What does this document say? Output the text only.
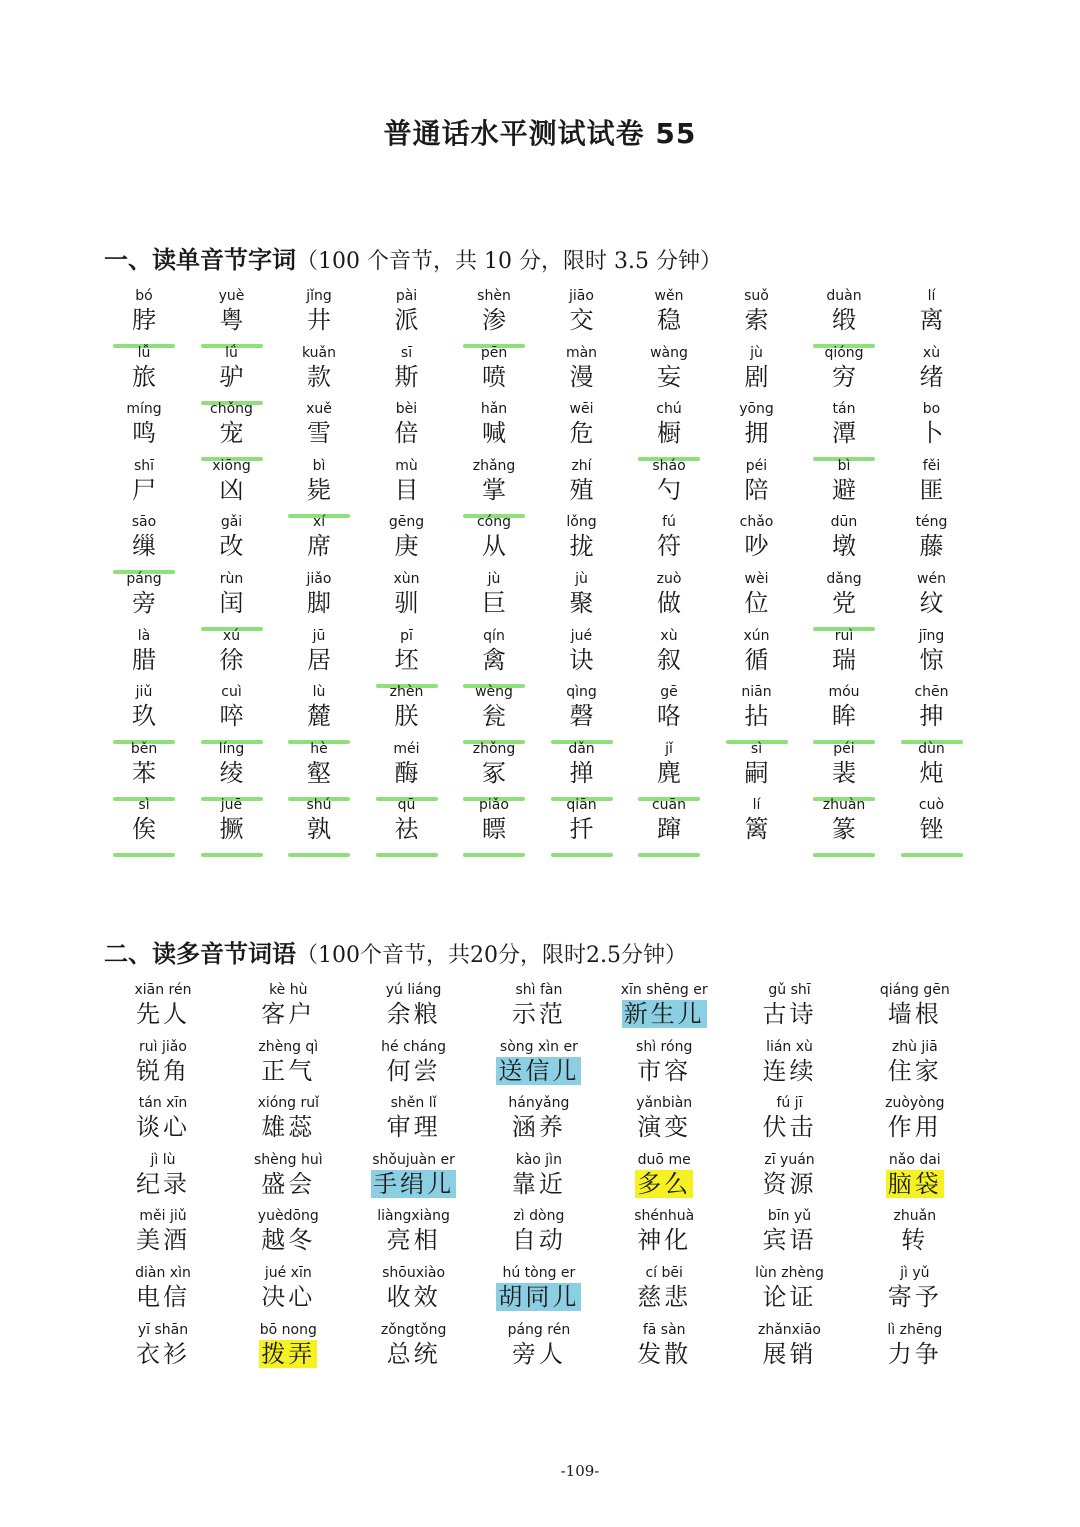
普通话水平测试试卷 55
一、读单音节字词（100 个音节，共 10 分，限时 3.5 分钟）
bó
脖
yuè
粤
jǐng
井
pài
派
shèn
渗
jiāo
交
wěn
稳
suǒ
索
duàn
缎
lí
离
lǚ
旅
lǘ
驴
kuǎn
款
sī
斯
pēn
喷
màn
漫
wàng
妄
jù
剧
qióng
穷
xù
绪
míng
鸣
chǒng
宠
xuě
雪
bèi
倍
hǎn
喊
wēi
危
chú
橱
yōng
拥
tán
潭
bo
卜
shī
尸
xiōng
凶
bì
毙
mù
目
zhǎng
掌
zhí
殖
sháo
勺
péi
陪
bì
避
fěi
匪
sāo
缫
gǎi
改
xí
席
gēng
庚
cóng
从
lǒng
拢
fú
符
chǎo
吵
dūn
墩
téng
藤
páng
旁
rùn
闰
jiǎo
脚
xùn
驯
jù
巨
jù
聚
zuò
做
wèi
位
dǎng
党
wén
纹
là
腊
xú
徐
jū
居
pī
坯
qín
禽
jué
诀
xù
叙
xún
循
ruì
瑞
jīng
惊
jiǔ
玖
cuì
啐
lù
麓
zhèn
朕
wèng
瓮
qìng
磬
gē
咯
niān
拈
móu
眸
chēn
抻
běn
苯
líng
绫
hè
壑
méi
酶
zhǒng
冢
dǎn
掸
jǐ
麂
sì
嗣
péi
裴
dùn
炖
sì
俟
juē
撅
shú
孰
qū
祛
piǎo
瞟
qiān
扦
cuān
蹿
lí
篱
zhuàn
篆
cuò
锉
二、读多音节词语（100个音节，共20分，限时2.5分钟）
xiān rén
先人
kè hù
客户
yú liáng
余粮
shì fàn
示范
xīn shēng er
新生儿
gǔ shī
古诗
qiáng gēn
墙根
ruì jiǎo
锐角
zhèng qì
正气
hé cháng
何尝
sòng xìn er
送信儿
shì róng
市容
lián xù
连续
zhù jiā
住家
tán xīn
谈心
xióng ruǐ
雄蕊
shěn lǐ
审理
hányǎng
涵养
yǎnbiàn
演变
fú jī
伏击
zuòyòng
作用
jì lù
纪录
shèng huì
盛会
shǒujuàn er
手绢儿
kào jìn
靠近
duō me
多么
zī yuán
资源
nǎo dai
脑袋
měi jiǔ
美酒
yuèdōng
越冬
liàngxiàng
亮相
zì dòng
自动
shénhuà
神化
bīn yǔ
宾语
zhuǎn
转
diàn xìn
电信
jué xīn
决心
shōuxiào
收效
hú tòng er
胡同儿
cí bēi
慈悲
lùn zhèng
论证
jì yǔ
寄予
yī shān
衣衫
bō nong
拨弄
zǒngtǒng
总统
páng rén
旁人
fā sàn
发散
zhǎnxiāo
展销
lì zhēng
力争
-109-
